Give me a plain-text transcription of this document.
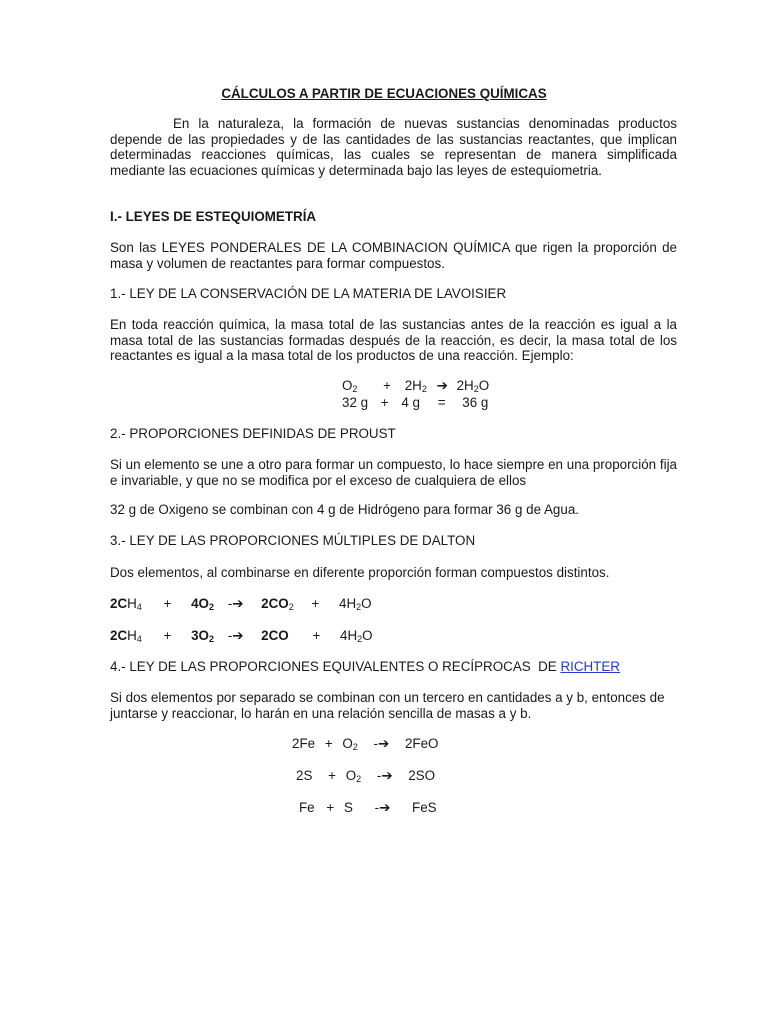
CÁLCULOS A PARTIR DE ECUACIONES QUÍMICAS
En la naturaleza, la formación de nuevas sustancias denominadas productos depende de las propiedades y de las cantidades de las sustancias reactantes, que implican determinadas reacciones químicas, las cuales se representan de manera simplificada mediante las ecuaciones químicas y determinada bajo las leyes de estequiometria.
I.- LEYES DE ESTEQUIOMETRÍA
Son las LEYES PONDERALES DE LA COMBINACION QUÍMICA que rigen la proporción de masa y volumen de reactantes para formar compuestos.
1.- LEY DE LA CONSERVACIÓN DE LA MATERIA DE LAVOISIER
En toda reacción química, la masa total de las sustancias antes de la reacción es igual a la masa total de las sustancias formadas después de la reacción, es decir, la masa total de los reactantes es igual a la masa total de los productos de una reacción. Ejemplo:
$O_2 + 2H_2$ ➔ $2H_2O$
32 g + 4 g = 36 g
2.- PROPORCIONES DEFINIDAS DE PROUST
Si un elemento se une a otro para formar un compuesto, lo hace siempre en una proporción fija e invariable, y que no se modifica por el exceso de cualquiera de ellos
32 g de Oxigeno se combinan con 4 g de Hidrógeno para formar 36 g de Agua.
3.- LEY DE LAS PROPORCIONES MÚLTIPLES DE DALTON
Dos elementos, al combinarse en diferente proporción forman compuestos distintos.
$2CH_4 + 4O_2$ -➔ $2CO_2 + 4H_2O$
$2CH_4 + 3O_2$ -➔ $2CO + 4H_2O$
4.- LEY DE LAS PROPORCIONES EQUIVALENTES O RECÍPROCAS  DE RICHTER
Si dos elementos por separado se combinan con un tercero en cantidades a y b, entonces de juntarse y reaccionar, lo harán en una relación sencilla de masas a y b.
$2Fe + O_2$ -➔ 2FeO
$2S + O_2$ -➔ 2SO
Fe + S -➔ FeS
